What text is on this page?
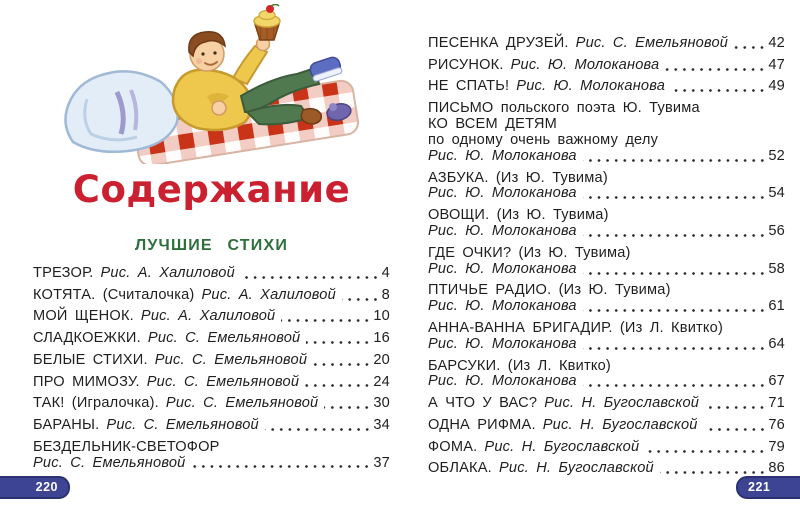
Содержание
ЛУЧШИЕ СТИХИ
ТРЕЗОР. Рис. А. Халиловой	4
КОТЯТА. (Считалочка) Рис. А. Халиловой	8
МОЙ ЩЕНОК. Рис. А. Халиловой	10
СЛАДКОЕЖКИ. Рис. С. Емельяновой	16
БЕЛЫЕ СТИХИ. Рис. С. Емельяновой	20
ПРО МИМОЗУ. Рис. С. Емельяновой	24
ТАК! (Игралочка). Рис. С. Емельяновой	30
БАРАНЫ. Рис. С. Емельяновой	34
БЕЗДЕЛЬНИК-СВЕТОФОР
Рис. С. Емельяновой	37
ПЕСЕНКА ДРУЗЕЙ. Рис. С. Емельяновой	42
РИСУНОК. Рис. Ю. Молоканова	47
НЕ СПАТЬ! Рис. Ю. Молоканова	49
ПИСЬМО польского поэта Ю. Тувима
КО ВСЕМ ДЕТЯМ
по одному очень важному делу
Рис. Ю. Молоканова	52
АЗБУКА. (Из Ю. Тувима)
Рис. Ю. Молоканова	54
ОВОЩИ. (Из Ю. Тувима)
Рис. Ю. Молоканова	56
ГДЕ ОЧКИ? (Из Ю. Тувима)
Рис. Ю. Молоканова	58
ПТИЧЬЕ РАДИО. (Из Ю. Тувима)
Рис. Ю. Молоканова	61
АННА-ВАННА БРИГАДИР. (Из Л. Квитко)
Рис. Ю. Молоканова	64
БАРСУКИ. (Из Л. Квитко)
Рис. Ю. Молоканова	67
А ЧТО У ВАС? Рис. Н. Бугославской	71
ОДНА РИФМА. Рис. Н. Бугославской	76
ФОМА. Рис. Н. Бугославской	79
ОБЛАКА. Рис. Н. Бугославской	86
220	221
